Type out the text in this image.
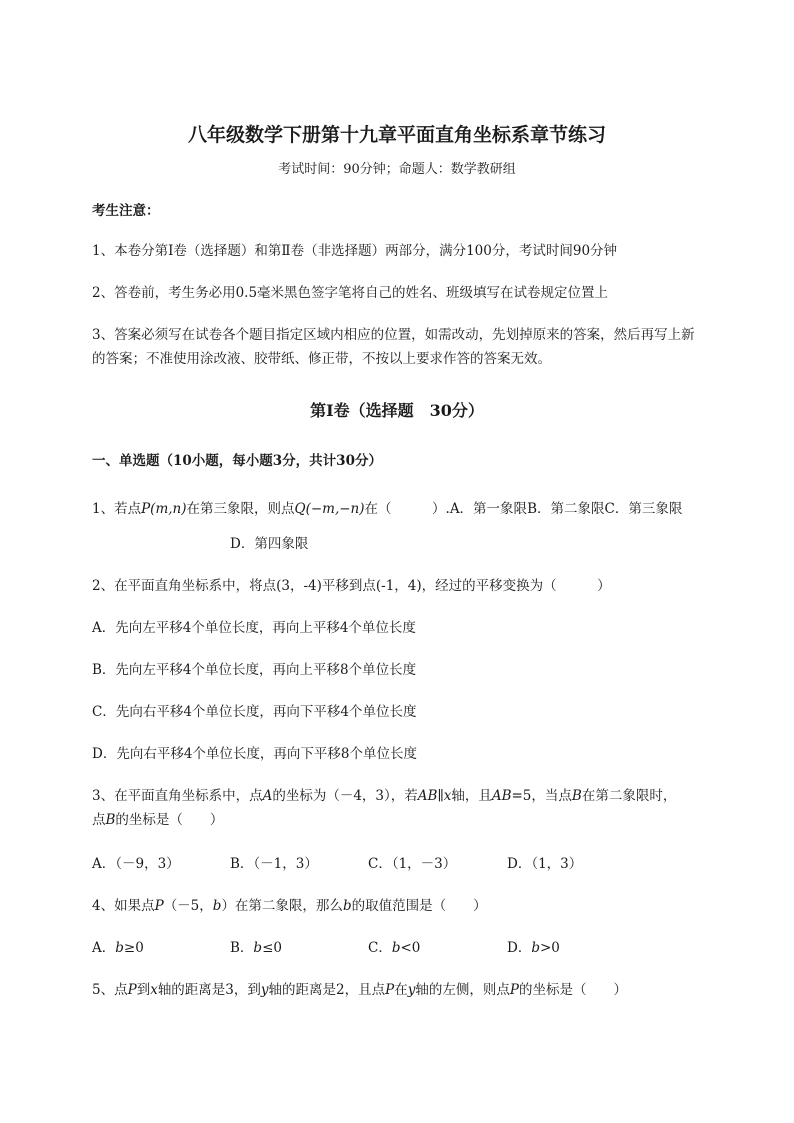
八年级数学下册第十九章平面直角坐标系章节练习
考试时间：90分钟；命题人：数学教研组
考生注意：
1、本卷分第I卷（选择题）和第Ⅱ卷（非选择题）两部分，满分100分，考试时间90分钟
2、答卷前，考生务必用0.5毫米黑色签字笔将自己的姓名、班级填写在试卷规定位置上
3、答案必须写在试卷各个题目指定区域内相应的位置，如需改动，先划掉原来的答案，然后再写上新
的答案；不准使用涂改液、胶带纸、修正带，不按以上要求作答的答案无效。
第I卷（选择题　30分）
一、单选题（10小题，每小题3分，共计30分）
1、若点P(m,n)在第三象限，则点Q(−m,−n)在（　　　）.A．第一象限B．第二象限C．第三象限
D．第四象限
2、在平面直角坐标系中，将点(3，-4)平移到点(-1，4)，经过的平移变换为（　　　）
A．先向左平移4个单位长度，再向上平移4个单位长度
B．先向左平移4个单位长度，再向上平移8个单位长度
C．先向右平移4个单位长度，再向下平移4个单位长度
D．先向右平移4个单位长度，再向下平移8个单位长度
3、在平面直角坐标系中，点A的坐标为（－4，3），若AB∥x轴，且AB=5，当点B在第二象限时，
点B的坐标是（　　）
A．（－9，3）	B．（－1，3）	C．（1，－3）	D．（1，3）
4、如果点P（－5，b）在第二象限，那么b的取值范围是（　　）
A．b≥0	B．b≤0	C．b<0	D．b>0
5、点P到x轴的距离是3，到y轴的距离是2，且点P在y轴的左侧，则点P的坐标是（　　）
